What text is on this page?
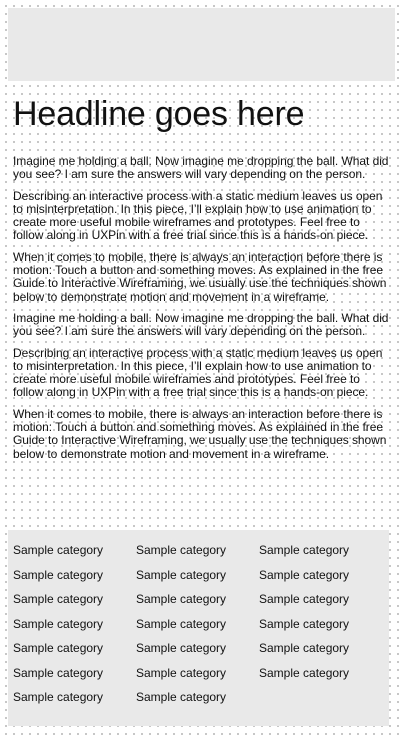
Headline goes here

Imagine me holding a ball. Now imagine me dropping the ball. What did you see? I am sure the answers will vary depending on the person.

Describing an interactive process with a static medium leaves us open to misinterpretation. In this piece, I’ll explain how to use animation to create more useful mobile wireframes and prototypes. Feel free to follow along in UXPin with a free trial since this is a hands-on piece.

When it comes to mobile, there is always an interaction before there is motion: Touch a button and something moves. As explained in the free Guide to Interactive Wireframing, we usually use the techniques shown below to demonstrate motion and movement in a wireframe.

Imagine me holding a ball. Now imagine me dropping the ball. What did you see? I am sure the answers will vary depending on the person.

Describing an interactive process with a static medium leaves us open to misinterpretation. In this piece, I’ll explain how to use animation to create more useful mobile wireframes and prototypes. Feel free to follow along in UXPin with a free trial since this is a hands-on piece.

When it comes to mobile, there is always an interaction before there is motion: Touch a button and something moves. As explained in the free Guide to Interactive Wireframing, we usually use the techniques shown below to demonstrate motion and movement in a wireframe.

Sample category	Sample category	Sample category
Sample category	Sample category	Sample category
Sample category	Sample category	Sample category
Sample category	Sample category	Sample category
Sample category	Sample category	Sample category
Sample category	Sample category	Sample category
Sample category	Sample category
